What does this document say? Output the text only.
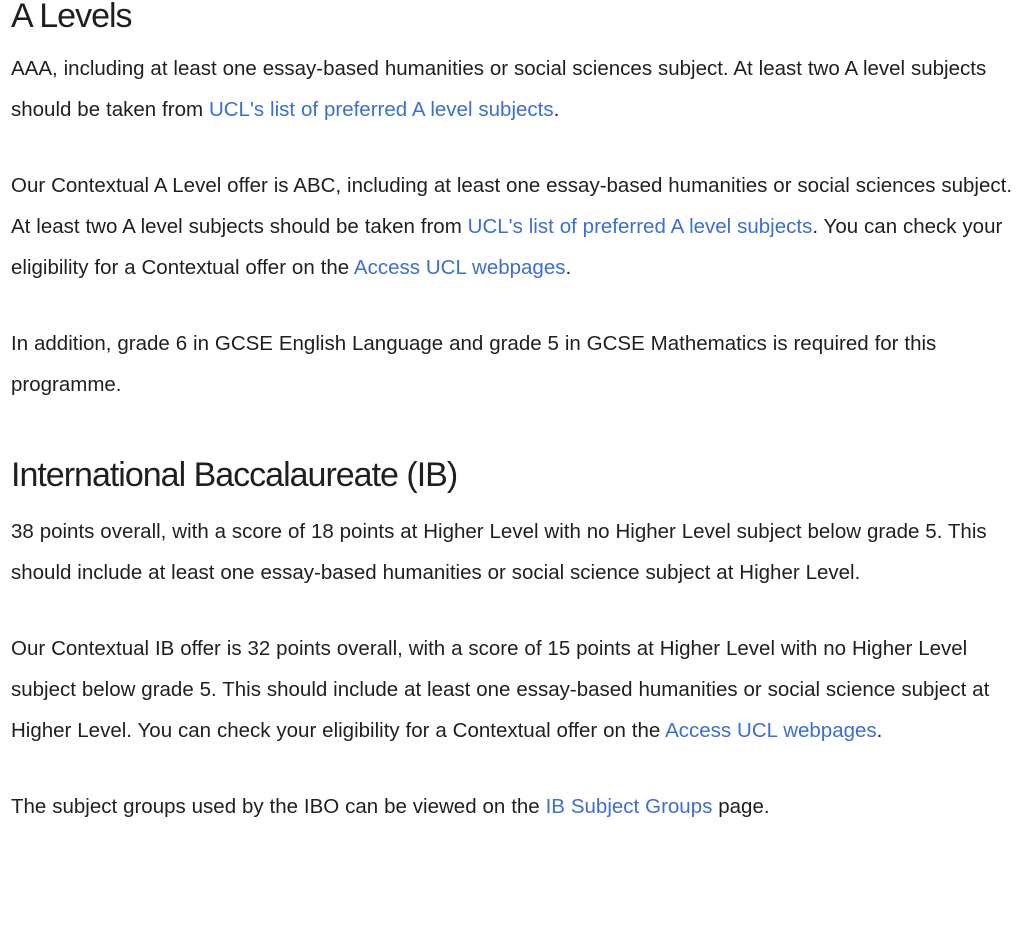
A Levels

AAA, including at least one essay-based humanities or social sciences subject. At least two A level subjects should be taken from UCL's list of preferred A level subjects.

Our Contextual A Level offer is ABC, including at least one essay-based humanities or social sciences subject. At least two A level subjects should be taken from UCL's list of preferred A level subjects. You can check your eligibility for a Contextual offer on the Access UCL webpages.

In addition, grade 6 in GCSE English Language and grade 5 in GCSE Mathematics is required for this programme.

International Baccalaureate (IB)

38 points overall, with a score of 18 points at Higher Level with no Higher Level subject below grade 5. This should include at least one essay-based humanities or social science subject at Higher Level.

Our Contextual IB offer is 32 points overall, with a score of 15 points at Higher Level with no Higher Level subject below grade 5. This should include at least one essay-based humanities or social science subject at Higher Level. You can check your eligibility for a Contextual offer on the Access UCL webpages.

The subject groups used by the IBO can be viewed on the IB Subject Groups page.
